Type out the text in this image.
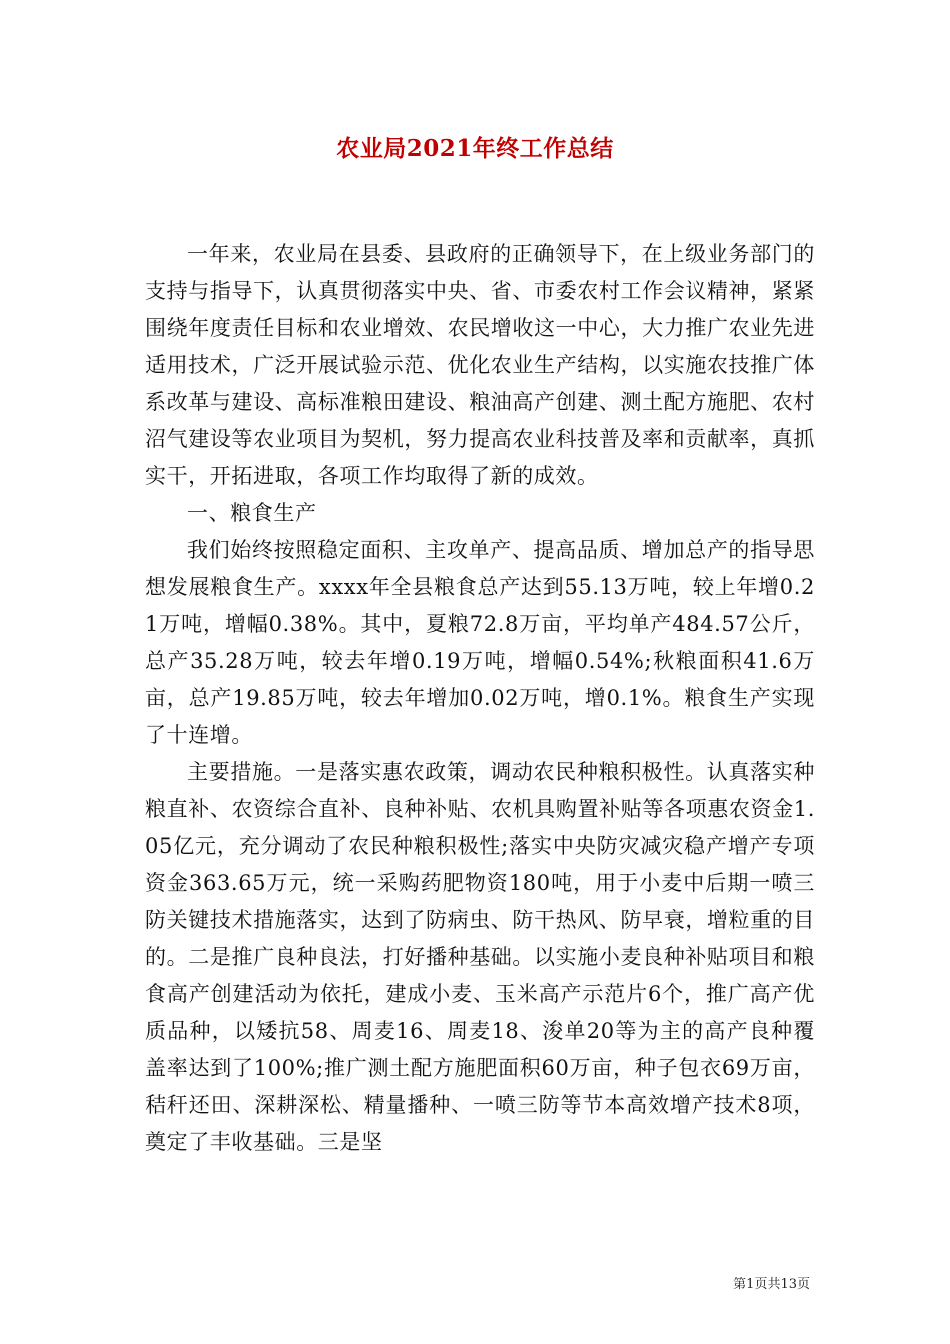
农业局2021年终工作总结

一年来，农业局在县委、县政府的正确领导下，在上级业务部门的支持与指导下，认真贯彻落实中央、省、市委农村工作会议精神，紧紧围绕年度责任目标和农业增效、农民增收这一中心，大力推广农业先进适用技术，广泛开展试验示范、优化农业生产结构，以实施农技推广体系改革与建设、高标准粮田建设、粮油高产创建、测土配方施肥、农村沼气建设等农业项目为契机，努力提高农业科技普及率和贡献率，真抓实干，开拓进取，各项工作均取得了新的成效。

一、粮食生产

我们始终按照稳定面积、主攻单产、提高品质、增加总产的指导思想发展粮食生产。xxxx年全县粮食总产达到55.13万吨，较上年增0.21万吨，增幅0.38%。其中，夏粮72.8万亩，平均单产484.57公斤，总产35.28万吨，较去年增0.19万吨，增幅0.54%;秋粮面积41.6万亩，总产19.85万吨，较去年增加0.02万吨，增0.1%。粮食生产实现了十连增。

主要措施。一是落实惠农政策，调动农民种粮积极性。认真落实种粮直补、农资综合直补、良种补贴、农机具购置补贴等各项惠农资金1.05亿元，充分调动了农民种粮积极性;落实中央防灾减灾稳产增产专项资金363.65万元，统一采购药肥物资180吨，用于小麦中后期一喷三防关键技术措施落实，达到了防病虫、防干热风、防早衰，增粒重的目的。二是推广良种良法，打好播种基础。以实施小麦良种补贴项目和粮食高产创建活动为依托，建成小麦、玉米高产示范片6个，推广高产优质品种，以矮抗58、周麦16、周麦18、浚单20等为主的高产良种覆盖率达到了100%;推广测土配方施肥面积60万亩，种子包衣69万亩，秸秆还田、深耕深松、精量播种、一喷三防等节本高效增产技术8项，奠定了丰收基础。三是坚

第1页共13页
